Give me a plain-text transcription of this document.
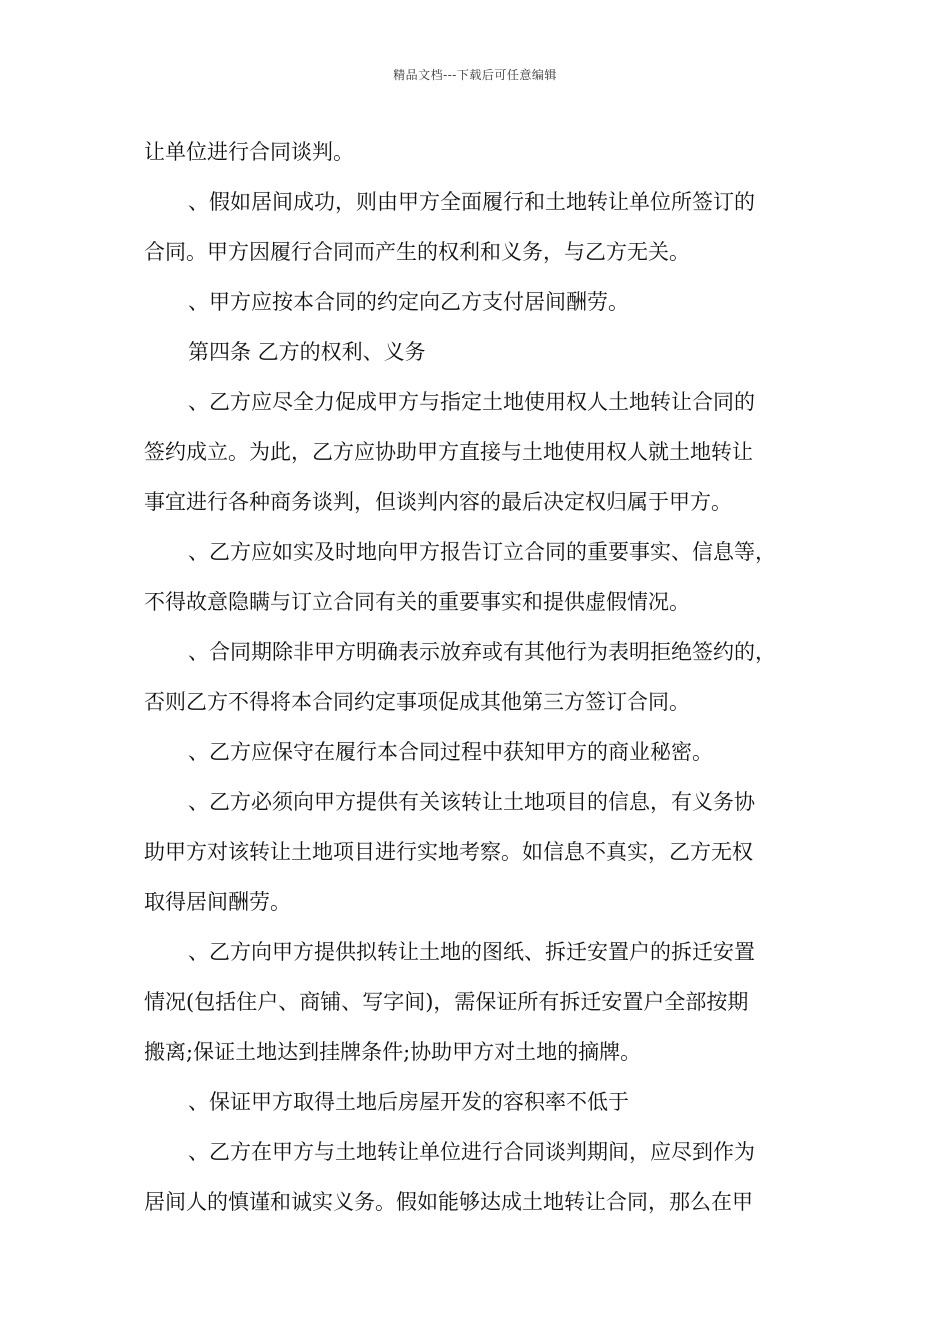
精品文档---下载后可任意编辑
让单位进行合同谈判。
、假如居间成功，则由甲方全面履行和土地转让单位所签订的
合同。甲方因履行合同而产生的权利和义务，与乙方无关。
、甲方应按本合同的约定向乙方支付居间酬劳。
第四条 乙方的权利、义务
、乙方应尽全力促成甲方与指定土地使用权人土地转让合同的
签约成立。为此，乙方应协助甲方直接与土地使用权人就土地转让
事宜进行各种商务谈判，但谈判内容的最后决定权归属于甲方。
、乙方应如实及时地向甲方报告订立合同的重要事实、信息等，
不得故意隐瞒与订立合同有关的重要事实和提供虚假情况。
、合同期除非甲方明确表示放弃或有其他行为表明拒绝签约的，
否则乙方不得将本合同约定事项促成其他第三方签订合同。
、乙方应保守在履行本合同过程中获知甲方的商业秘密。
、乙方必须向甲方提供有关该转让土地项目的信息，有义务协
助甲方对该转让土地项目进行实地考察。如信息不真实，乙方无权
取得居间酬劳。
、乙方向甲方提供拟转让土地的图纸、拆迁安置户的拆迁安置
情况(包括住户、商铺、写字间)，需保证所有拆迁安置户全部按期
搬离;保证土地达到挂牌条件;协助甲方对土地的摘牌。
、保证甲方取得土地后房屋开发的容积率不低于
、乙方在甲方与土地转让单位进行合同谈判期间，应尽到作为
居间人的慎谨和诚实义务。假如能够达成土地转让合同，那么在甲
